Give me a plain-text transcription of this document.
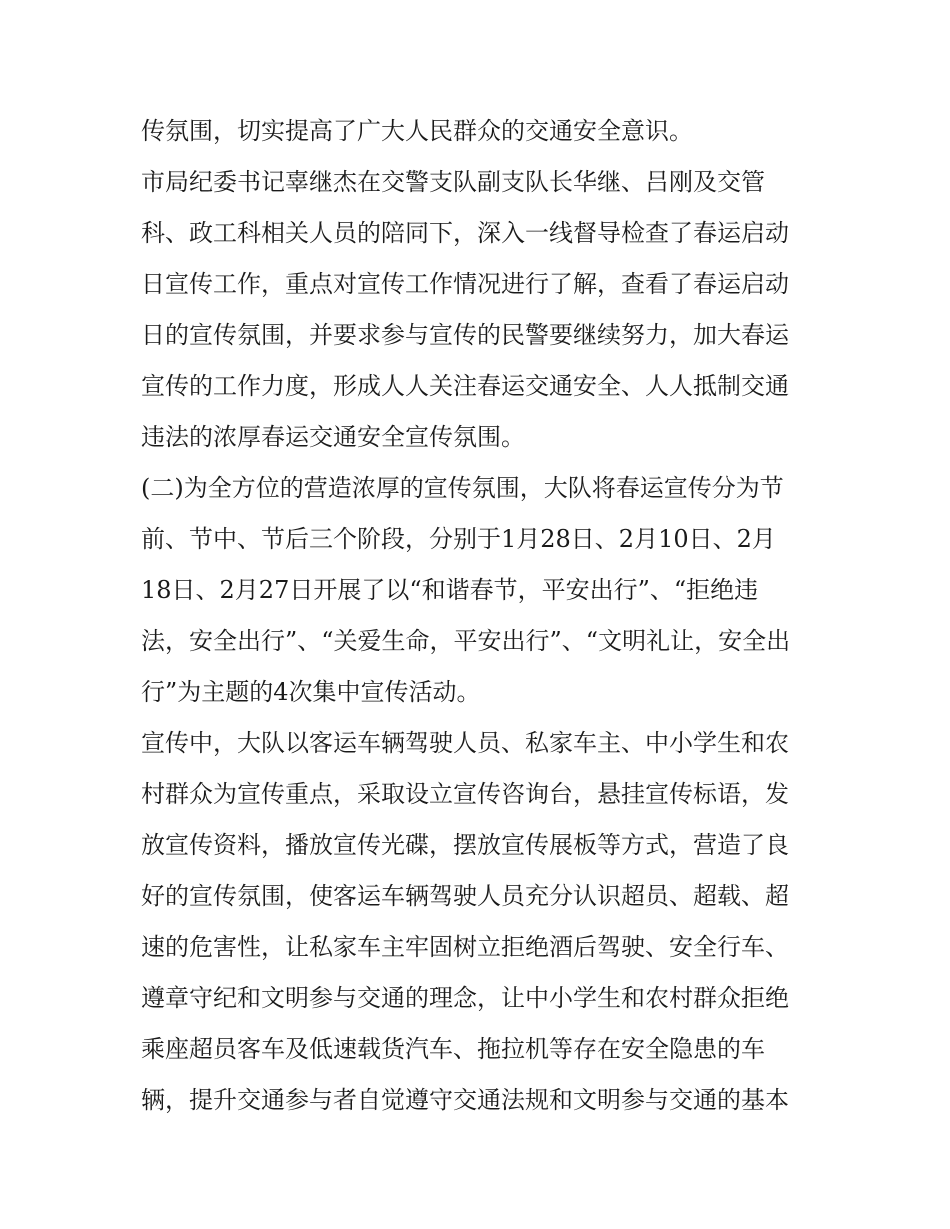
传氛围，切实提高了广大人民群众的交通安全意识。
市局纪委书记辜继杰在交警支队副支队长华继、吕刚及交管
科、政工科相关人员的陪同下，深入一线督导检查了春运启动
日宣传工作，重点对宣传工作情况进行了解，查看了春运启动
日的宣传氛围，并要求参与宣传的民警要继续努力，加大春运
宣传的工作力度，形成人人关注春运交通安全、人人抵制交通
违法的浓厚春运交通安全宣传氛围。
(二)为全方位的营造浓厚的宣传氛围，大队将春运宣传分为节
前、节中、节后三个阶段，分别于1月28日、2月10日、2月
18日、2月27日开展了以“和谐春节，平安出行”、“拒绝违
法，安全出行”、“关爱生命，平安出行”、“文明礼让，安全出
行”为主题的4次集中宣传活动。
宣传中，大队以客运车辆驾驶人员、私家车主、中小学生和农
村群众为宣传重点，采取设立宣传咨询台，悬挂宣传标语，发
放宣传资料，播放宣传光碟，摆放宣传展板等方式，营造了良
好的宣传氛围，使客运车辆驾驶人员充分认识超员、超载、超
速的危害性，让私家车主牢固树立拒绝酒后驾驶、安全行车、
遵章守纪和文明参与交通的理念，让中小学生和农村群众拒绝
乘座超员客车及低速载货汽车、拖拉机等存在安全隐患的车
辆，提升交通参与者自觉遵守交通法规和文明参与交通的基本
